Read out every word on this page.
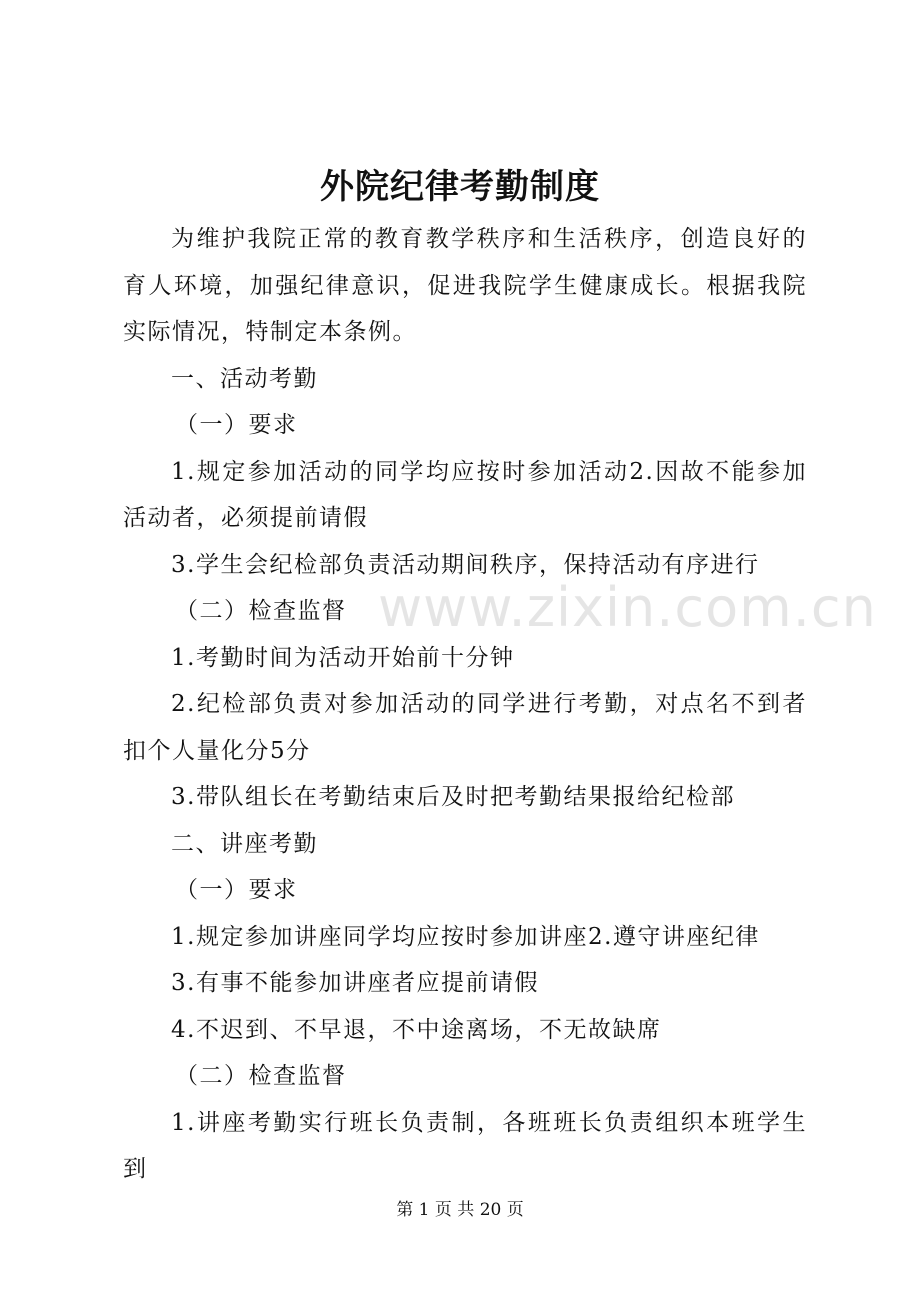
外院纪律考勤制度

为维护我院正常的教育教学秩序和生活秩序，创造良好的育人环境，加强纪律意识，促进我院学生健康成长。根据我院实际情况，特制定本条例。

一、活动考勤

（一）要求

1.规定参加活动的同学均应按时参加活动2.因故不能参加活动者，必须提前请假

3.学生会纪检部负责活动期间秩序，保持活动有序进行

（二）检查监督

1.考勤时间为活动开始前十分钟

2.纪检部负责对参加活动的同学进行考勤，对点名不到者扣个人量化分5分

3.带队组长在考勤结束后及时把考勤结果报给纪检部

二、讲座考勤

（一）要求

1.规定参加讲座同学均应按时参加讲座2.遵守讲座纪律

3.有事不能参加讲座者应提前请假

4.不迟到、不早退，不中途离场，不无故缺席

（二）检查监督

1.讲座考勤实行班长负责制，各班班长负责组织本班学生到

www.zixin.com.cn
第 1 页 共 20 页
